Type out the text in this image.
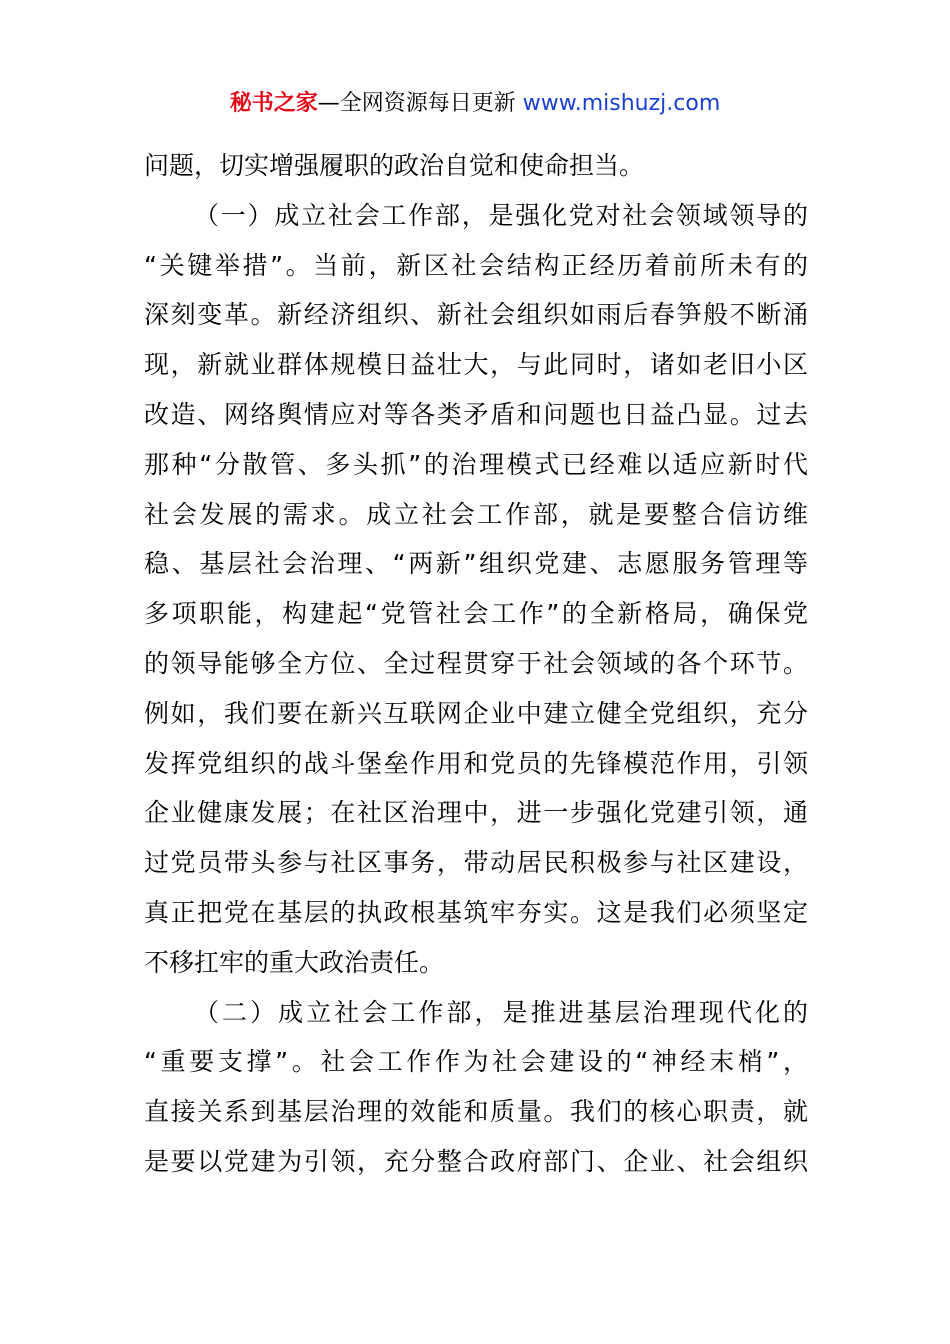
秘书之家—全网资源每日更新 www.mishuzj.com
问题，切实增强履职的政治自觉和使命担当。
（一）成立社会工作部，是强化党对社会领域领导的
“关键举措”。当前，新区社会结构正经历着前所未有的
深刻变革。新经济组织、新社会组织如雨后春笋般不断涌
现，新就业群体规模日益壮大，与此同时，诸如老旧小区
改造、网络舆情应对等各类矛盾和问题也日益凸显。过去
那种“分散管、多头抓”的治理模式已经难以适应新时代
社会发展的需求。成立社会工作部，就是要整合信访维
稳、基层社会治理、“两新”组织党建、志愿服务管理等
多项职能，构建起“党管社会工作”的全新格局，确保党
的领导能够全方位、全过程贯穿于社会领域的各个环节。
例如，我们要在新兴互联网企业中建立健全党组织，充分
发挥党组织的战斗堡垒作用和党员的先锋模范作用，引领
企业健康发展；在社区治理中，进一步强化党建引领，通
过党员带头参与社区事务，带动居民积极参与社区建设，
真正把党在基层的执政根基筑牢夯实。这是我们必须坚定
不移扛牢的重大政治责任。
（二）成立社会工作部，是推进基层治理现代化的
“重要支撑”。社会工作作为社会建设的“神经末梢”，
直接关系到基层治理的效能和质量。我们的核心职责，就
是要以党建为引领，充分整合政府部门、企业、社会组织
